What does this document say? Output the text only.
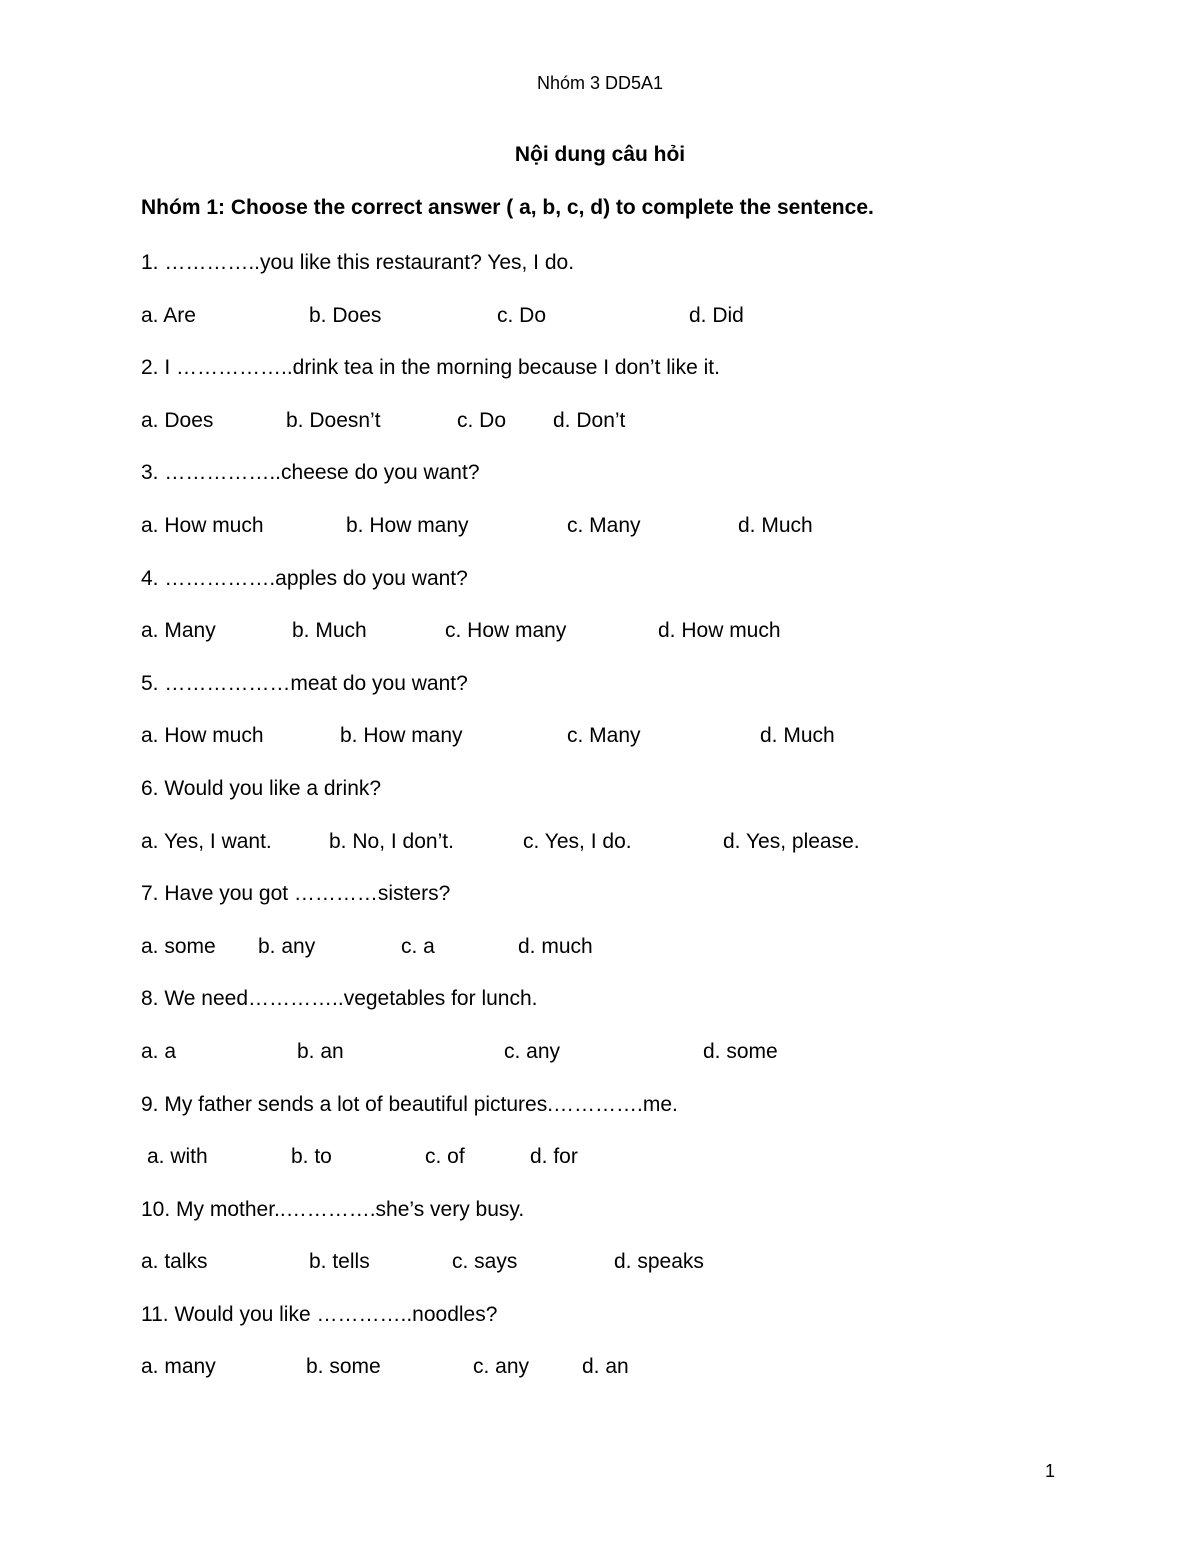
Nhóm 3 DD5A1
Nội dung câu hỏi
Nhóm 1: Choose the correct answer ( a, b, c, d) to complete the sentence.
1. …………..you like this restaurant? Yes, I do.
a. Are	b. Does	c. Do	d. Did
2. I ……………..drink tea in the morning because I don’t like it.
a. Does	b. Doesn’t	c. Do d. Don’t
3. ……………..cheese do you want?
a. How much	b. How many	c. Many	d. Much
4. …………….apples do you want?
a. Many	b. Much	c. How many	d. How much
5. ………………meat do you want?
a. How much	b. How many	c. Many	d. Much
6. Would you like a drink?
a. Yes, I want.	b. No, I don’t.	c. Yes, I do.	d. Yes, please.
7. Have you got …………sisters?
a. some b. any	c. a	d. much
8. We need…………..vegetables for lunch.
a. a	b. an	c. any	d. some
9. My father sends a lot of beautiful pictures.………….me.
a. with	b. to	c. of	d. for
10. My mother..………….she’s very busy.
a. talks	b. tells	c. says	d. speaks
11. Would you like …………..noodles?
a. many	b. some	c. any	d. an
1
